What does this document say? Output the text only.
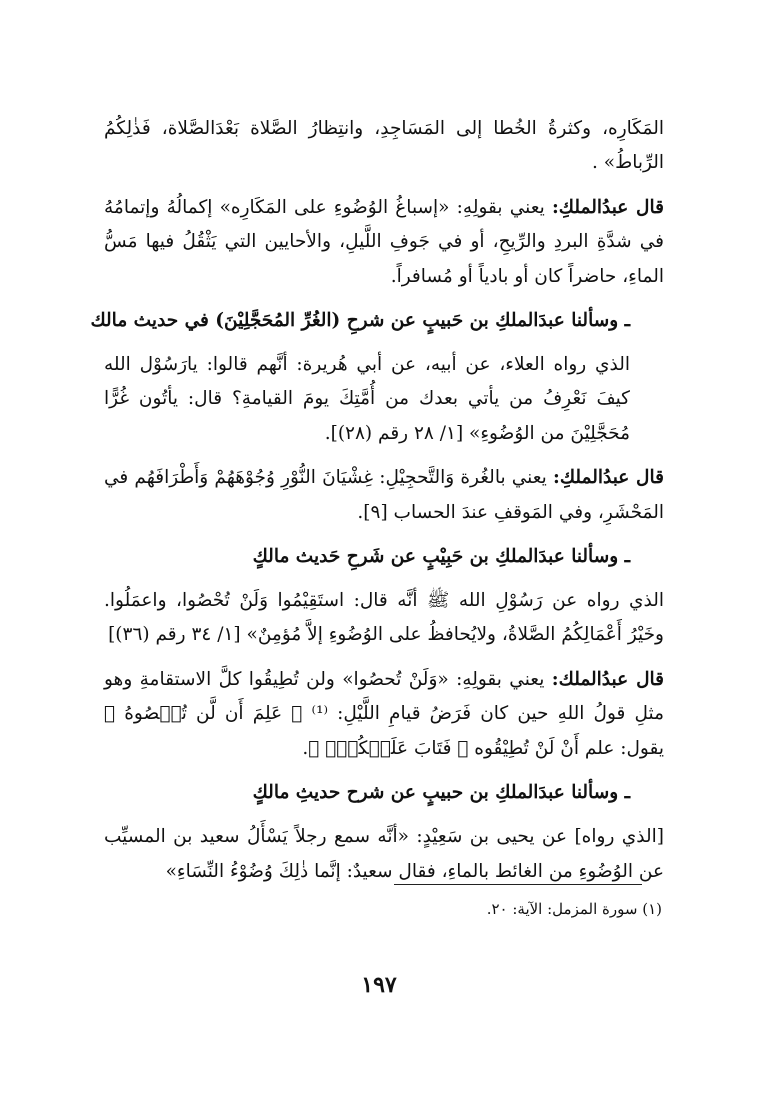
المَكَارِه، وكثرةُ الخُطا إلى المَسَاجِدِ، وانتِظارُ الصَّلاة بَعْدَالصَّلاة، فَذٰلِكُمُ الرِّباطُ» .

قال عبدُالملكِ: يعني بقولِهِ: «إسباغُ الوُضُوءِ على المَكَارِه» إكمالُهُ وإتمامُهُ في شدَّةِ البردِ والرِّيحِ، أو في جَوفِ اللَّيلِ، والأحايين التي يَثْقُلُ فيها مَسُّ الماءِ، حاضراً كان أو بادياً أو مُسافراً.

ـ وسألنا عبدَالملكِ بن حَبيبٍ عن شرحِ (الغُرِّ المُحَجَّلِيْنَ) في حديث مالك

الذي رواه العلاء، عن أبيه، عن أبي هُريرة: أنَّهم قالوا: يارَسُوْل الله كيفَ نَعْرِفُ من يأتي بعدك من أُمَّتِكَ يومَ القيامةِ؟ قال: يأتُون غُرًّا مُحَجَّلِيْنَ من الوُضُوءِ» [١/ ٢٨ رقم (٢٨)].

قال عبدُالملكِ: يعني بالغُرة وَالتَّحجِيْلِ: غِشْيَانَ النُّوْرِ وُجُوْهَهُمْ وَأَطْرَافَهُم في المَحْشَرِ، وفي المَوقفِ عندَ الحساب [٩].

ـ وسألنا عبدَالملكِ بن حَبِيْبٍ عن شَرحِ حَديث مالكٍ

الذي رواه عن رَسُوْلِ الله ﷺ أنَّه قال: استَقِيْمُوا وَلَنْ تُحْصُوا، واعمَلُوا. وخَيْرُ أَعْمَالِكُمُ الصَّلاةُ، ولايُحافظُ على الوُضُوءِ إلاَّ مُؤمِنٌ» [١/ ٣٤ رقم (٣٦)]

قال عبدُالملك: يعني بقولِهِ: «وَلَنْ تُحصُوا» ولن تُطِيقُوا كلَّ الاستقامةِ وهو مثلِ قولُ اللهِ حين كان فَرَضُ قيامِ اللَّيْلِ: ⁽¹⁾ ﴿ عَلِمَ أَن لَّن تُحۡصُوهُ ﴾ يقول: علم أَنْ لَنْ تُطِيْقُوه ﴿ فَتَابَ عَلَيۡكُمۡۖ ﴾.

ـ وسألنا عبدَالملكِ بن حبيبٍ عن شرح حديثِ مالكٍ

[الذي رواه] عن يحيى بن سَعِيْدٍ: «أنَّه سمع رجلاً يَسْأَلُ سعيد بن المسيِّب عن الوُضُوءِ من الغائط بالماءِ، فقال سعيدٌ: إنَّما ذٰلِكَ وُضُوْءُ النِّسَاءِ»

(١) سورة المزمل: الآية: ٢٠.
١٩٧
